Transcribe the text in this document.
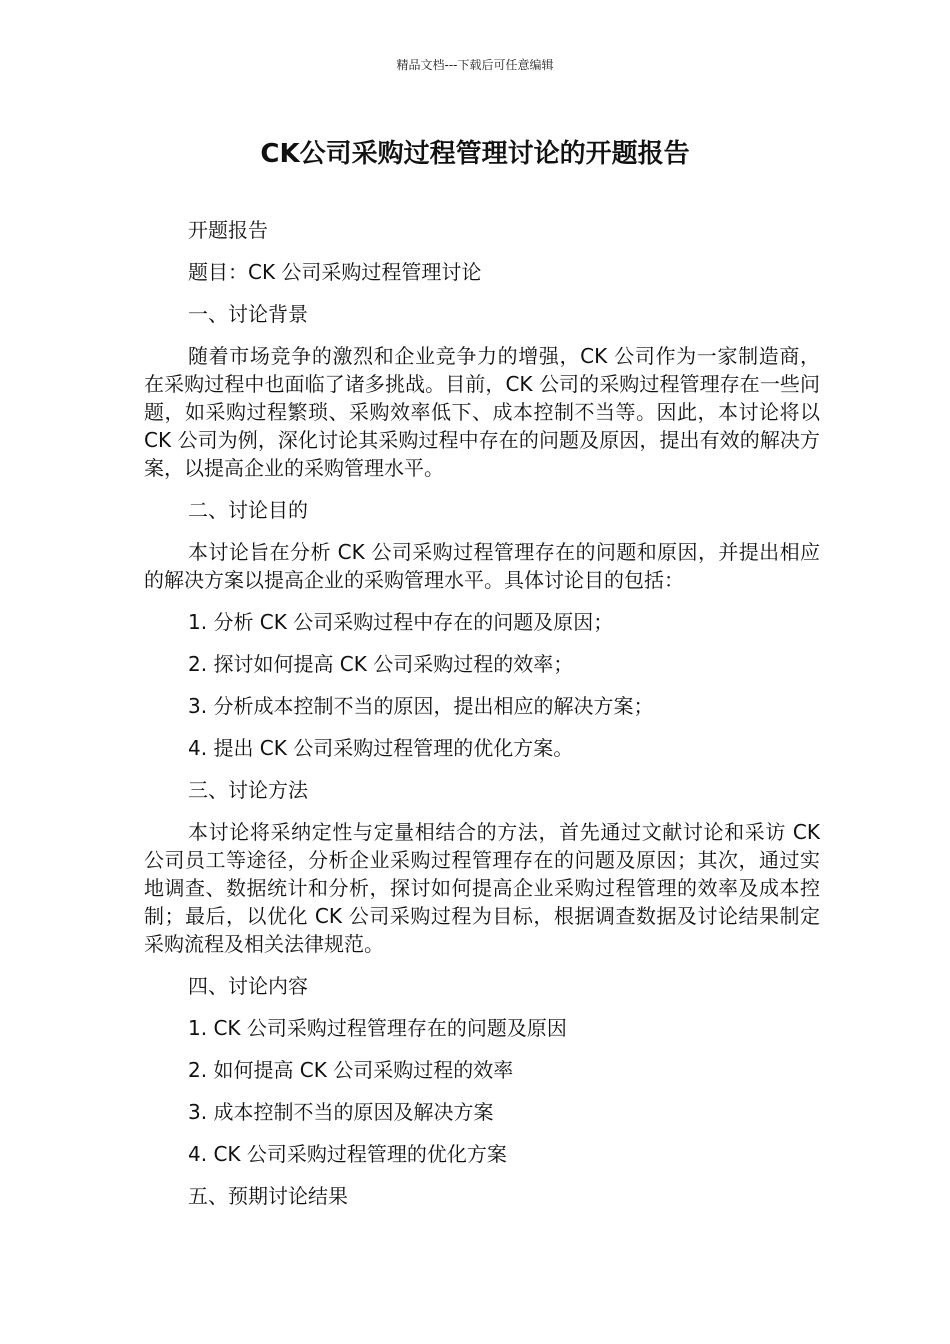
精品文档---下载后可任意编辑
CK公司采购过程管理讨论的开题报告

开题报告

题目：CK 公司采购过程管理讨论

一、讨论背景

随着市场竞争的激烈和企业竞争力的增强，CK 公司作为一家制造商，在采购过程中也面临了诸多挑战。目前，CK 公司的采购过程管理存在一些问题，如采购过程繁琐、采购效率低下、成本控制不当等。因此，本讨论将以 CK 公司为例，深化讨论其采购过程中存在的问题及原因，提出有效的解决方案，以提高企业的采购管理水平。

二、讨论目的

本讨论旨在分析 CK 公司采购过程管理存在的问题和原因，并提出相应的解决方案以提高企业的采购管理水平。具体讨论目的包括：

1. 分析 CK 公司采购过程中存在的问题及原因；

2. 探讨如何提高 CK 公司采购过程的效率；

3. 分析成本控制不当的原因，提出相应的解决方案；

4. 提出 CK 公司采购过程管理的优化方案。

三、讨论方法

本讨论将采纳定性与定量相结合的方法，首先通过文献讨论和采访 CK 公司员工等途径，分析企业采购过程管理存在的问题及原因；其次，通过实地调查、数据统计和分析，探讨如何提高企业采购过程管理的效率及成本控制；最后，以优化 CK 公司采购过程为目标，根据调查数据及讨论结果制定采购流程及相关法律规范。

四、讨论内容

1. CK 公司采购过程管理存在的问题及原因

2. 如何提高 CK 公司采购过程的效率

3. 成本控制不当的原因及解决方案

4. CK 公司采购过程管理的优化方案

五、预期讨论结果
